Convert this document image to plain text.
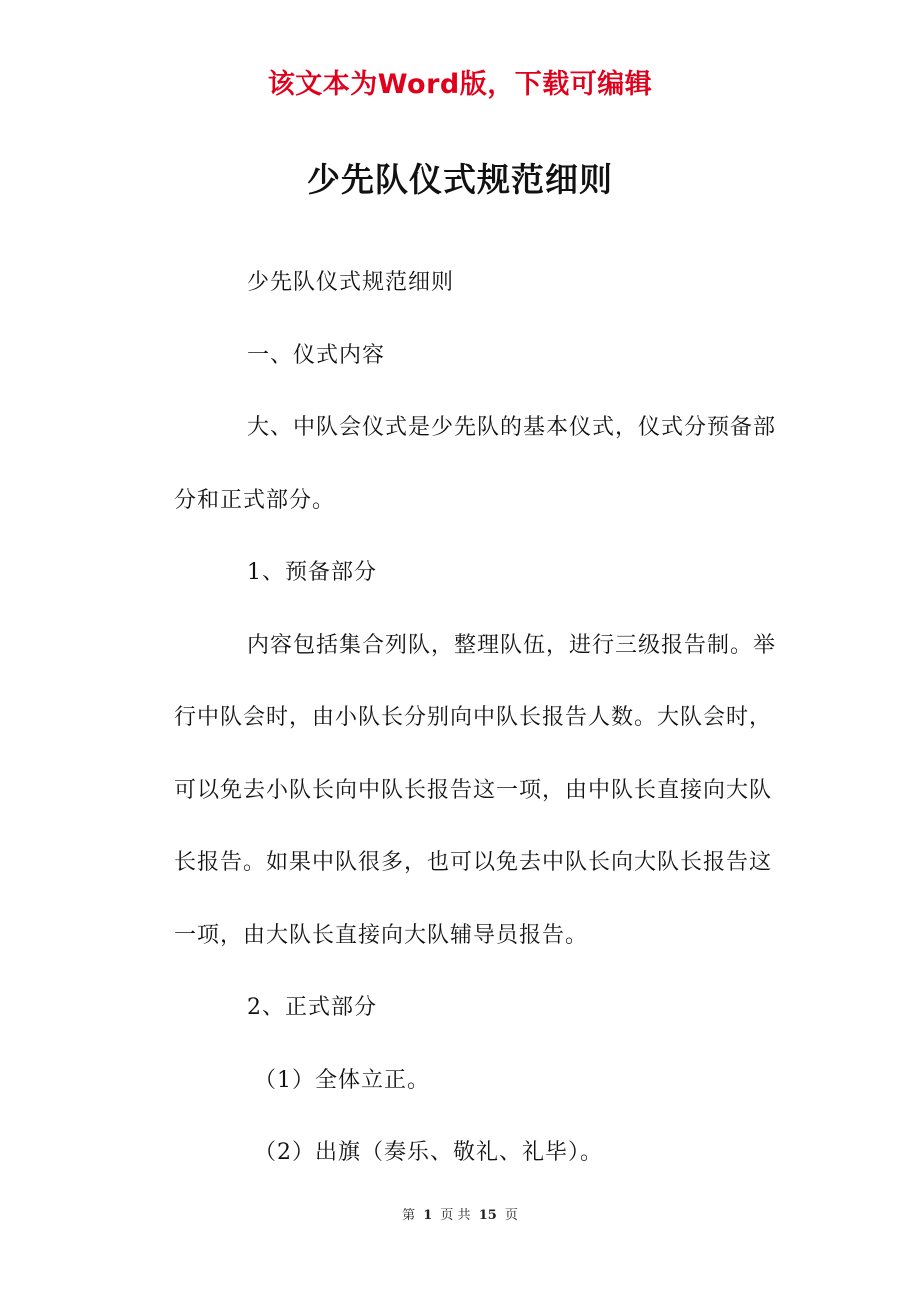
该文本为Word版，下载可编辑
少先队仪式规范细则

少先队仪式规范细则

一、仪式内容

大、中队会仪式是少先队的基本仪式，仪式分预备部分和正式部分。

1、预备部分

内容包括集合列队，整理队伍，进行三级报告制。举行中队会时，由小队长分别向中队长报告人数。大队会时，可以免去小队长向中队长报告这一项，由中队长直接向大队长报告。如果中队很多，也可以免去中队长向大队长报告这一项，由大队长直接向大队辅导员报告。

2、正式部分

（1）全体立正。

（2）出旗（奏乐、敬礼、礼毕）。

第 1 页 共 15 页
